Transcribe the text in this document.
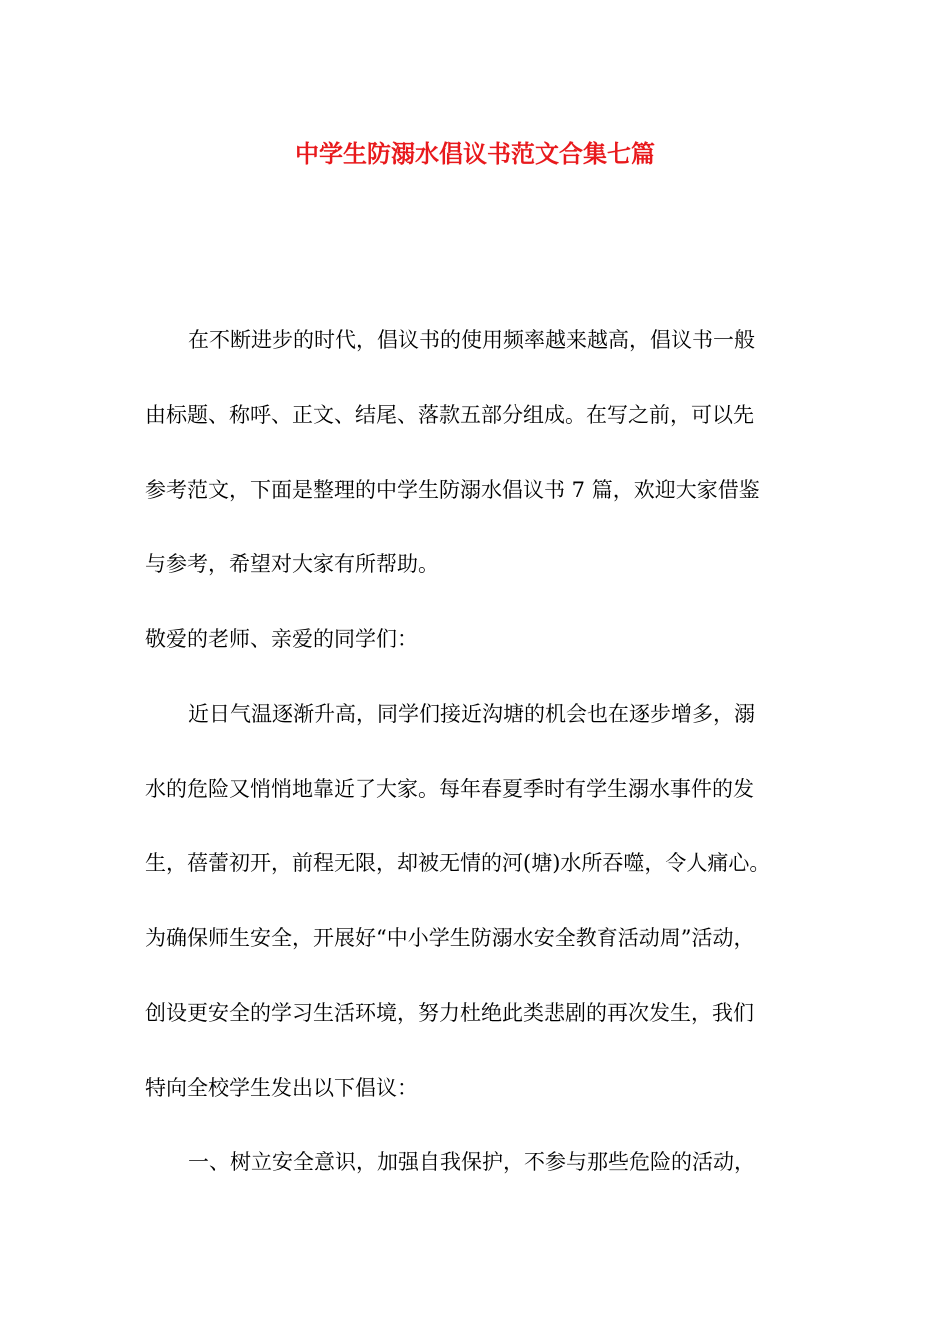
中学生防溺水倡议书范文合集七篇

在不断进步的时代，倡议书的使用频率越来越高，倡议书一般

由标题、称呼、正文、结尾、落款五部分组成。在写之前，可以先

参考范文，下面是整理的中学生防溺水倡议书 7 篇，欢迎大家借鉴

与参考，希望对大家有所帮助。

敬爱的老师、亲爱的同学们：

近日气温逐渐升高，同学们接近沟塘的机会也在逐步增多，溺

水的危险又悄悄地靠近了大家。每年春夏季时有学生溺水事件的发

生，蓓蕾初开，前程无限，却被无情的河(塘)水所吞噬，令人痛心。

为确保师生安全，开展好“中小学生防溺水安全教育活动周”活动，

创设更安全的学习生活环境，努力杜绝此类悲剧的再次发生，我们

特向全校学生发出以下倡议：

一、树立安全意识，加强自我保护，不参与那些危险的活动，
